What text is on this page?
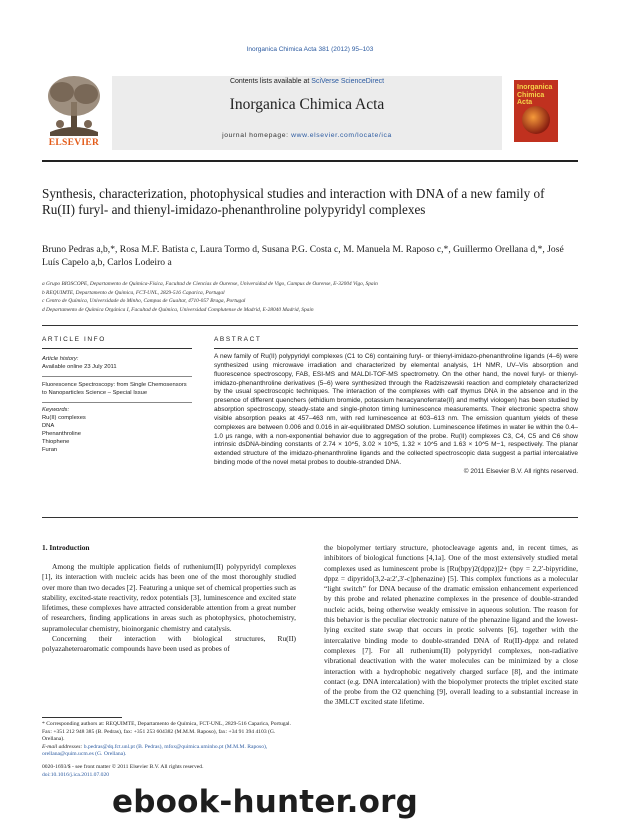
Inorganica Chimica Acta 381 (2012) 95–103
ELSEVIER
Contents lists available at SciVerse ScienceDirect
Inorganica Chimica Acta
journal homepage: www.elsevier.com/locate/ica
Inorganica Chimica Acta
Synthesis, characterization, photophysical studies and interaction with DNA of a new family of Ru(II) furyl- and thienyl-imidazo-phenanthroline polypyridyl complexes
Bruno Pedras a,b,*, Rosa M.F. Batista c, Laura Tormo d, Susana P.G. Costa c, M. Manuela M. Raposo c,*, Guillermo Orellana d,*, José Luís Capelo a,b, Carlos Lodeiro a
a Grupo BIOSCOPE, Departamento de Química-Física, Facultad de Ciencias de Ourense, Universidad de Vigo, Campus de Ourense, E-32004 Vigo, Spain
b REQUIMTE, Departamento de Química, FCT-UNL, 2829-516 Caparica, Portugal
c Centro de Química, Universidade do Minho, Campus de Gualtar, 4710-057 Braga, Portugal
d Departamento de Química Orgánica I, Facultad de Química, Universidad Complutense de Madrid, E-28040 Madrid, Spain
ARTICLE INFO	ABSTRACT
Article history:
Available online 23 July 2011
Fluorescence Spectroscopy: from Single Chemosensors to Nanoparticles Science – Special Issue
Keywords:
Ru(II) complexes
DNA
Phenanthroline
Thiophene
Furan
A new family of Ru(II) polypyridyl complexes (C1 to C6) containing furyl- or thienyl-imidazo-phenanthroline ligands (4–6) were synthesized using microwave irradiation and characterized by elemental analysis, 1H NMR, UV–Vis absorption and fluorescence spectroscopy, FAB, ESI-MS and MALDI-TOF-MS spectrometry. On the other hand, the novel furyl- or thienyl-imidazo-phenanthroline derivatives (5–6) were synthesized through the Radziszewski reaction and completely characterized by the usual spectroscopic techniques. The interaction of the complexes with calf thymus DNA in the absence and in the presence of different quenchers (ethidium bromide, potassium hexacyanoferrate(II) and methyl viologen) has been studied by absorption spectroscopy, steady-state and single-photon timing luminescence measurements. Their electronic spectra show visible absorption peaks at 457–463 nm, with red luminescence at 603–613 nm. The emission quantum yields of these complexes are between 0.006 and 0.016 in air-equilibrated DMSO solution. Luminescence lifetimes in water lie within the 0.4–1.0 μs range, with a non-exponential behavior due to aggregation of the probe. Ru(II) complexes C3, C4, C5 and C6 show intrinsic dsDNA-binding constants of 2.74 × 10^5, 3.02 × 10^5, 1.32 × 10^5 and 1.63 × 10^5 M−1, respectively. The planar extended structure of the imidazo-phenanthroline ligands and the collected spectroscopic data suggest a partial intercalative binding mode of the novel metal probes to double-stranded DNA.
© 2011 Elsevier B.V. All rights reserved.
1. Introduction

Among the multiple application fields of ruthenium(II) polypyridyl complexes [1], its interaction with nucleic acids has been one of the most thoroughly studied over more than two decades [2]. Featuring a unique set of chemical properties such as stability, excited-state reactivity, redox potentials [3], luminescence and excited state lifetimes, these complexes have attracted considerable attention from a great number of researchers, finding applications in areas such as photophysics, photochemistry, supramolecular chemistry, bioinorganic chemistry and catalysis.

Concerning their interaction with biological structures, Ru(II) polyazaheteroaromatic compounds have been used as probes of

the biopolymer tertiary structure, photocleavage agents and, in recent times, as inhibitors of biological functions [4,1a]. One of the most extensively studied metal complexes used as luminescent probe is [Ru(bpy)2(dppz)]2+ (bpy = 2,2′-bipyridine, dppz = dipyrido[3,2-a:2′,3′-c]phenazine) [5]. This complex functions as a molecular “light switch” for DNA because of the dramatic emission enhancement experienced by this probe and related phenazine complexes in the presence of double-stranded nucleic acids, being otherwise weakly emissive in aqueous solution. The reason for this behavior is the peculiar electronic nature of the phenazine ligand and the lowest-lying excited state swap that occurs in protic solvents [6], together with the intercalative binding mode to double-stranded DNA of Ru(II)-dppz and related complexes [7]. For all ruthenium(II) polypyridyl complexes, non-radiative vibrational deactivation with the water molecules can be minimized by a close interaction with a hydrophobic negatively charged surface [8], and the intimate contact (e.g. DNA intercalation) with the biopolymer protects the triplet excited state of the probe from the O2 quenching [9], overall leading to a substantial increase in the 3MLCT excited state lifetime.

* Corresponding authors at: REQUIMTE, Departamento de Química, FCT-UNL, 2829-516 Caparica, Portugal. Fax: +351 212 948 385 (B. Pedras), fax: +351 253 604382 (M.M.M. Raposo), fax: +34 91 394 4103 (G. Orellana).
E-mail addresses: b.pedras@dq.fct.unl.pt (B. Pedras), mfox@quimica.uminho.pt (M.M.M. Raposo), orellana@quim.ucm.es (G. Orellana).
0020-1693/$ - see front matter © 2011 Elsevier B.V. All rights reserved.
doi:10.1016/j.ica.2011.07.020
ebook-hunter.org
